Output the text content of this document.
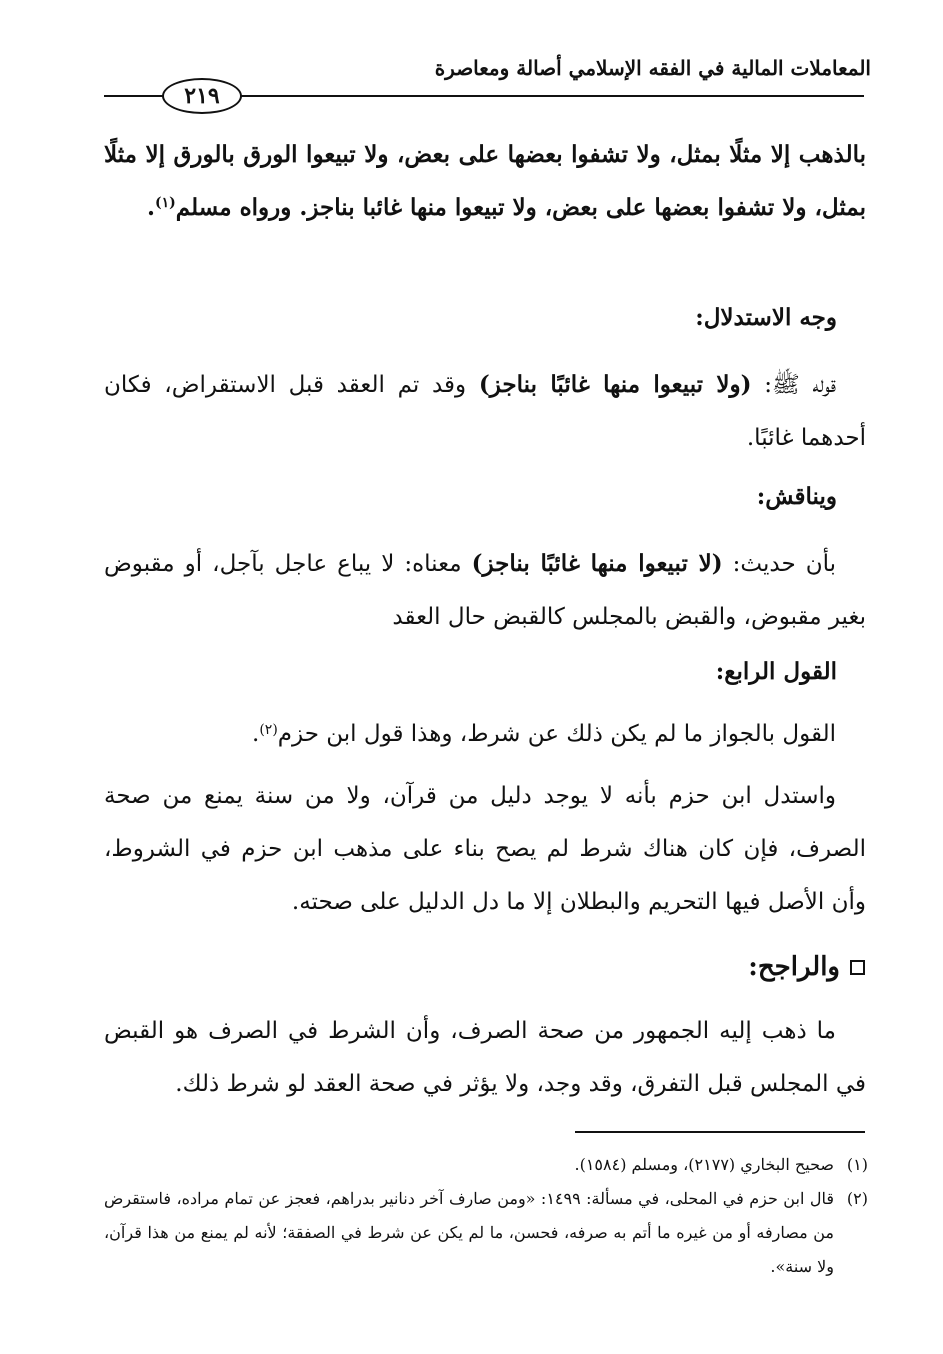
المعاملات المالية في الفقه الإسلامي أصالة ومعاصرة
٢١٩
بالذهب إلا مثلًا بمثل، ولا تشفوا بعضها على بعض، ولا تبيعوا الورق بالورق إلا مثلًا بمثل، ولا تشفوا بعضها على بعض، ولا تبيعوا منها غائبا بناجز. ورواه مسلم$^{(١)}$.
وجه الاستدلال:
قوله ﷺ: (ولا تبيعوا منها غائبًا بناجز) وقد تم العقد قبل الاستقراض، فكان أحدهما غائبًا.
ويناقش:
بأن حديث: (لا تبيعوا منها غائبًا بناجز) معناه: لا يباع عاجل بآجل، أو مقبوض بغير مقبوض، والقبض بالمجلس كالقبض حال العقد
القول الرابع:
القول بالجواز ما لم يكن ذلك عن شرط، وهذا قول ابن حزم$^{(٢)}$.
واستدل ابن حزم بأنه لا يوجد دليل من قرآن، ولا من سنة يمنع من صحة الصرف، فإن كان هناك شرط لم يصح بناء على مذهب ابن حزم في الشروط، وأن الأصل فيها التحريم والبطلان إلا ما دل الدليل على صحته.
والراجح:
ما ذهب إليه الجمهور من صحة الصرف، وأن الشرط في الصرف هو القبض في المجلس قبل التفرق، وقد وجد، ولا يؤثر في صحة العقد لو شرط ذلك.
(١)
صحيح البخاري (٢١٧٧)، ومسلم (١٥٨٤).
(٢)
قال ابن حزم في المحلى، في مسألة: ١٤٩٩: «ومن صارف آخر دنانير بدراهم، فعجز عن تمام مراده، فاستقرض من مصارفه أو من غيره ما أتم به صرفه، فحسن، ما لم يكن عن شرط في الصفقة؛ لأنه لم يمنع من هذا قرآن، ولا سنة».
